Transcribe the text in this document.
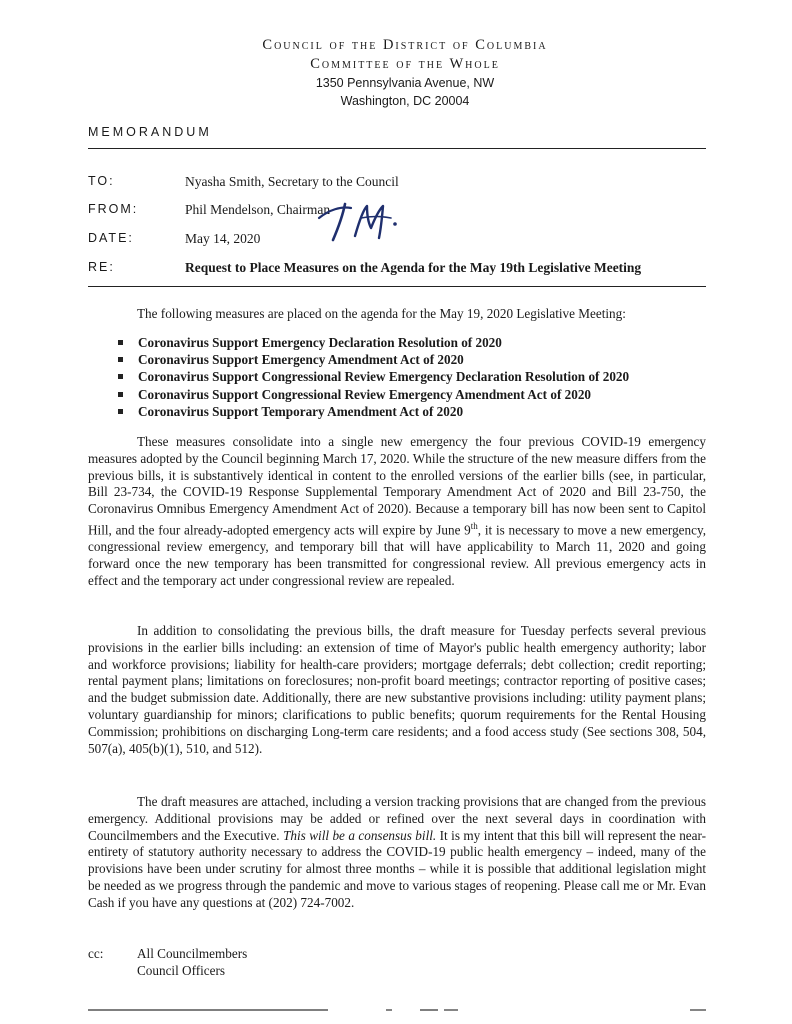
Council of the District of Columbia
Committee of the Whole
1350 Pennsylvania Avenue, NW
Washington, DC 20004
MEMORANDUM
TO:	Nyasha Smith, Secretary to the Council
FROM:	Phil Mendelson, Chairman
DATE:	May 14, 2020
RE:	Request to Place Measures on the Agenda for the May 19th Legislative Meeting
The following measures are placed on the agenda for the May 19, 2020 Legislative Meeting:
Coronavirus Support Emergency Declaration Resolution of 2020
Coronavirus Support Emergency Amendment Act of 2020
Coronavirus Support Congressional Review Emergency Declaration Resolution of 2020
Coronavirus Support Congressional Review Emergency Amendment Act of 2020
Coronavirus Support Temporary Amendment Act of 2020
These measures consolidate into a single new emergency the four previous COVID-19 emergency measures adopted by the Council beginning March 17, 2020. While the structure of the new measure differs from the previous bills, it is substantively identical in content to the enrolled versions of the earlier bills (see, in particular, Bill 23-734, the COVID-19 Response Supplemental Temporary Amendment Act of 2020 and Bill 23-750, the Coronavirus Omnibus Emergency Amendment Act of 2020). Because a temporary bill has now been sent to Capitol Hill, and the four already-adopted emergency acts will expire by June 9th, it is necessary to move a new emergency, congressional review emergency, and temporary bill that will have applicability to March 11, 2020 and going forward once the new temporary has been transmitted for congressional review. All previous emergency acts in effect and the temporary act under congressional review are repealed.
In addition to consolidating the previous bills, the draft measure for Tuesday perfects several previous provisions in the earlier bills including: an extension of time of Mayor's public health emergency authority; labor and workforce provisions; liability for health-care providers; mortgage deferrals; debt collection; credit reporting; rental payment plans; limitations on foreclosures; non-profit board meetings; contractor reporting of positive cases; and the budget submission date. Additionally, there are new substantive provisions including: utility payment plans; voluntary guardianship for minors; clarifications to public benefits; quorum requirements for the Rental Housing Commission; prohibitions on discharging Long-term care residents; and a food access study (See sections 308, 504, 507(a), 405(b)(1), 510, and 512).
The draft measures are attached, including a version tracking provisions that are changed from the previous emergency. Additional provisions may be added or refined over the next several days in coordination with Councilmembers and the Executive. This will be a consensus bill. It is my intent that this bill will represent the near-entirety of statutory authority necessary to address the COVID-19 public health emergency – indeed, many of the provisions have been under scrutiny for almost three months – while it is possible that additional legislation might be needed as we progress through the pandemic and move to various stages of reopening. Please call me or Mr. Evan Cash if you have any questions at (202) 724-7002.
cc:	All Councilmembers
Council Officers
